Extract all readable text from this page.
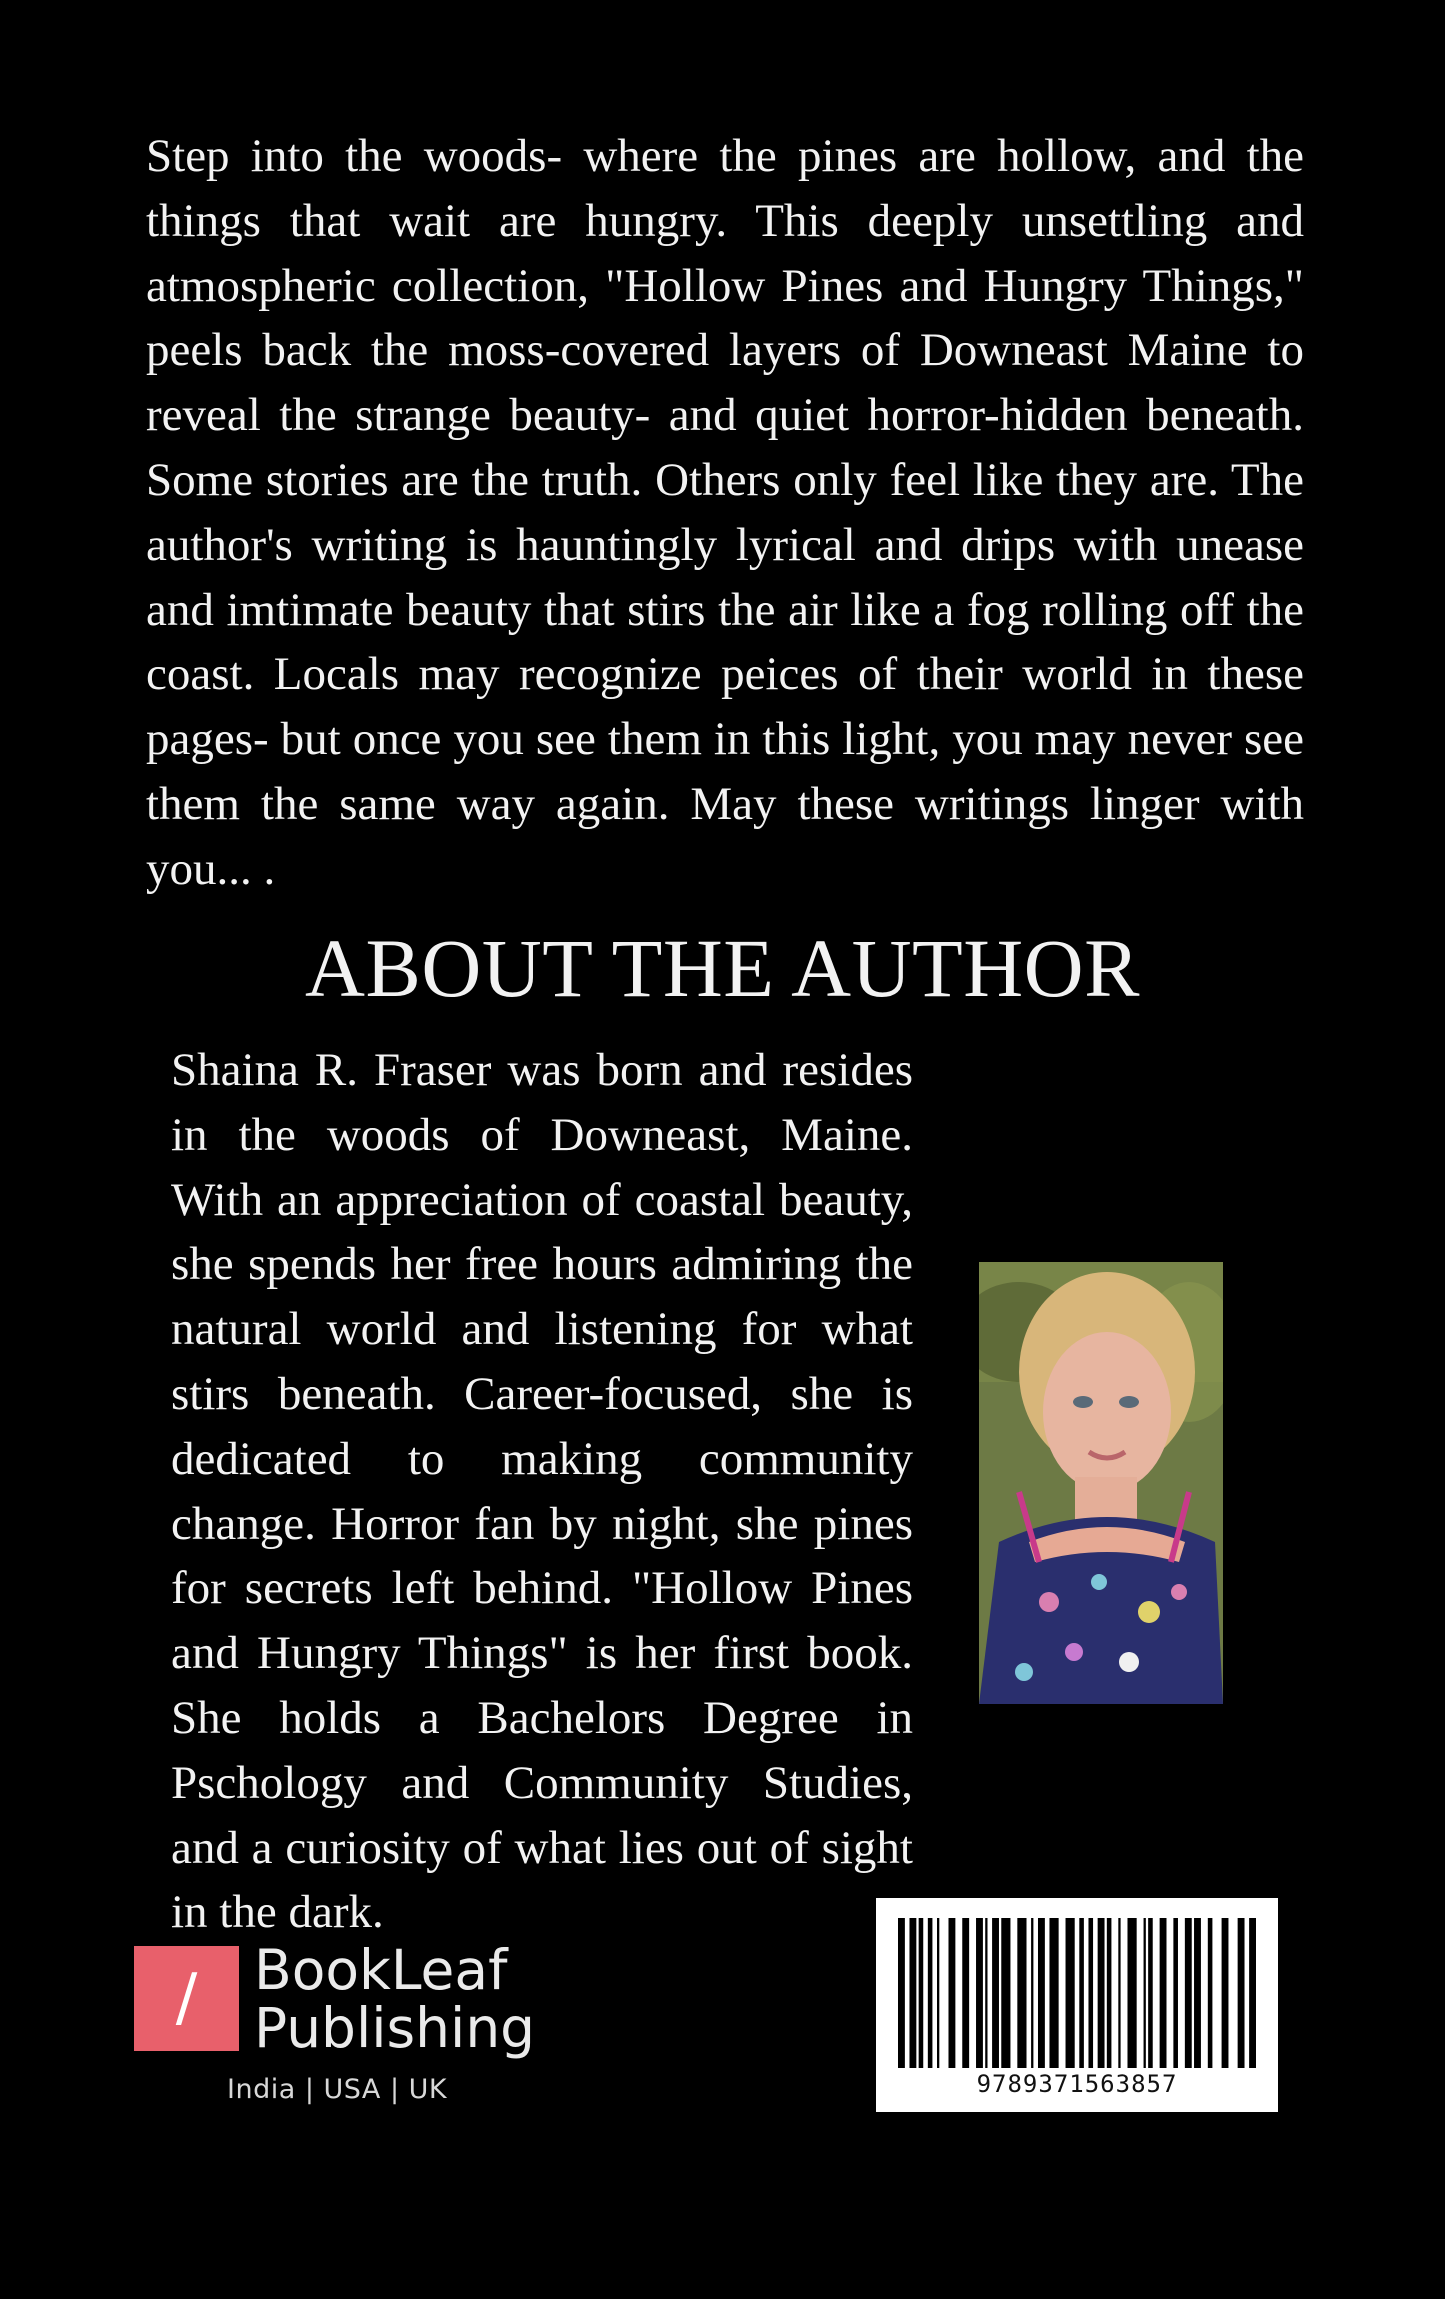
Step into the woods- where the pines are hollow, and the things that wait are hungry. This deeply unsettling and atmospheric collection, "Hollow Pines and Hungry Things," peels back the moss-covered layers of Downeast Maine to reveal the strange beauty- and quiet horror-hidden beneath. Some stories are the truth. Others only feel like they are. The author's writing is hauntingly lyrical and drips with unease and imtimate beauty that stirs the air like a fog rolling off the coast. Locals may recognize peices of their world in these pages- but once you see them in this light, you may never see them the same way again. May these writings linger with you... .

ABOUT THE AUTHOR

Shaina R. Fraser was born and resides in the woods of Downeast, Maine. With an appreciation of coastal beauty, she spends her free hours admiring the natural world and listening for what stirs beneath. Career-focused, she is dedicated to making community change. Horror fan by night, she pines for secrets left behind. "Hollow Pines and Hungry Things" is her first book. She holds a Bachelors Degree in Pschology and Community Studies, and a curiosity of what lies out of sight in the dark.

/	BookLeaf
Publishing
India | USA | UK	9789371563857
